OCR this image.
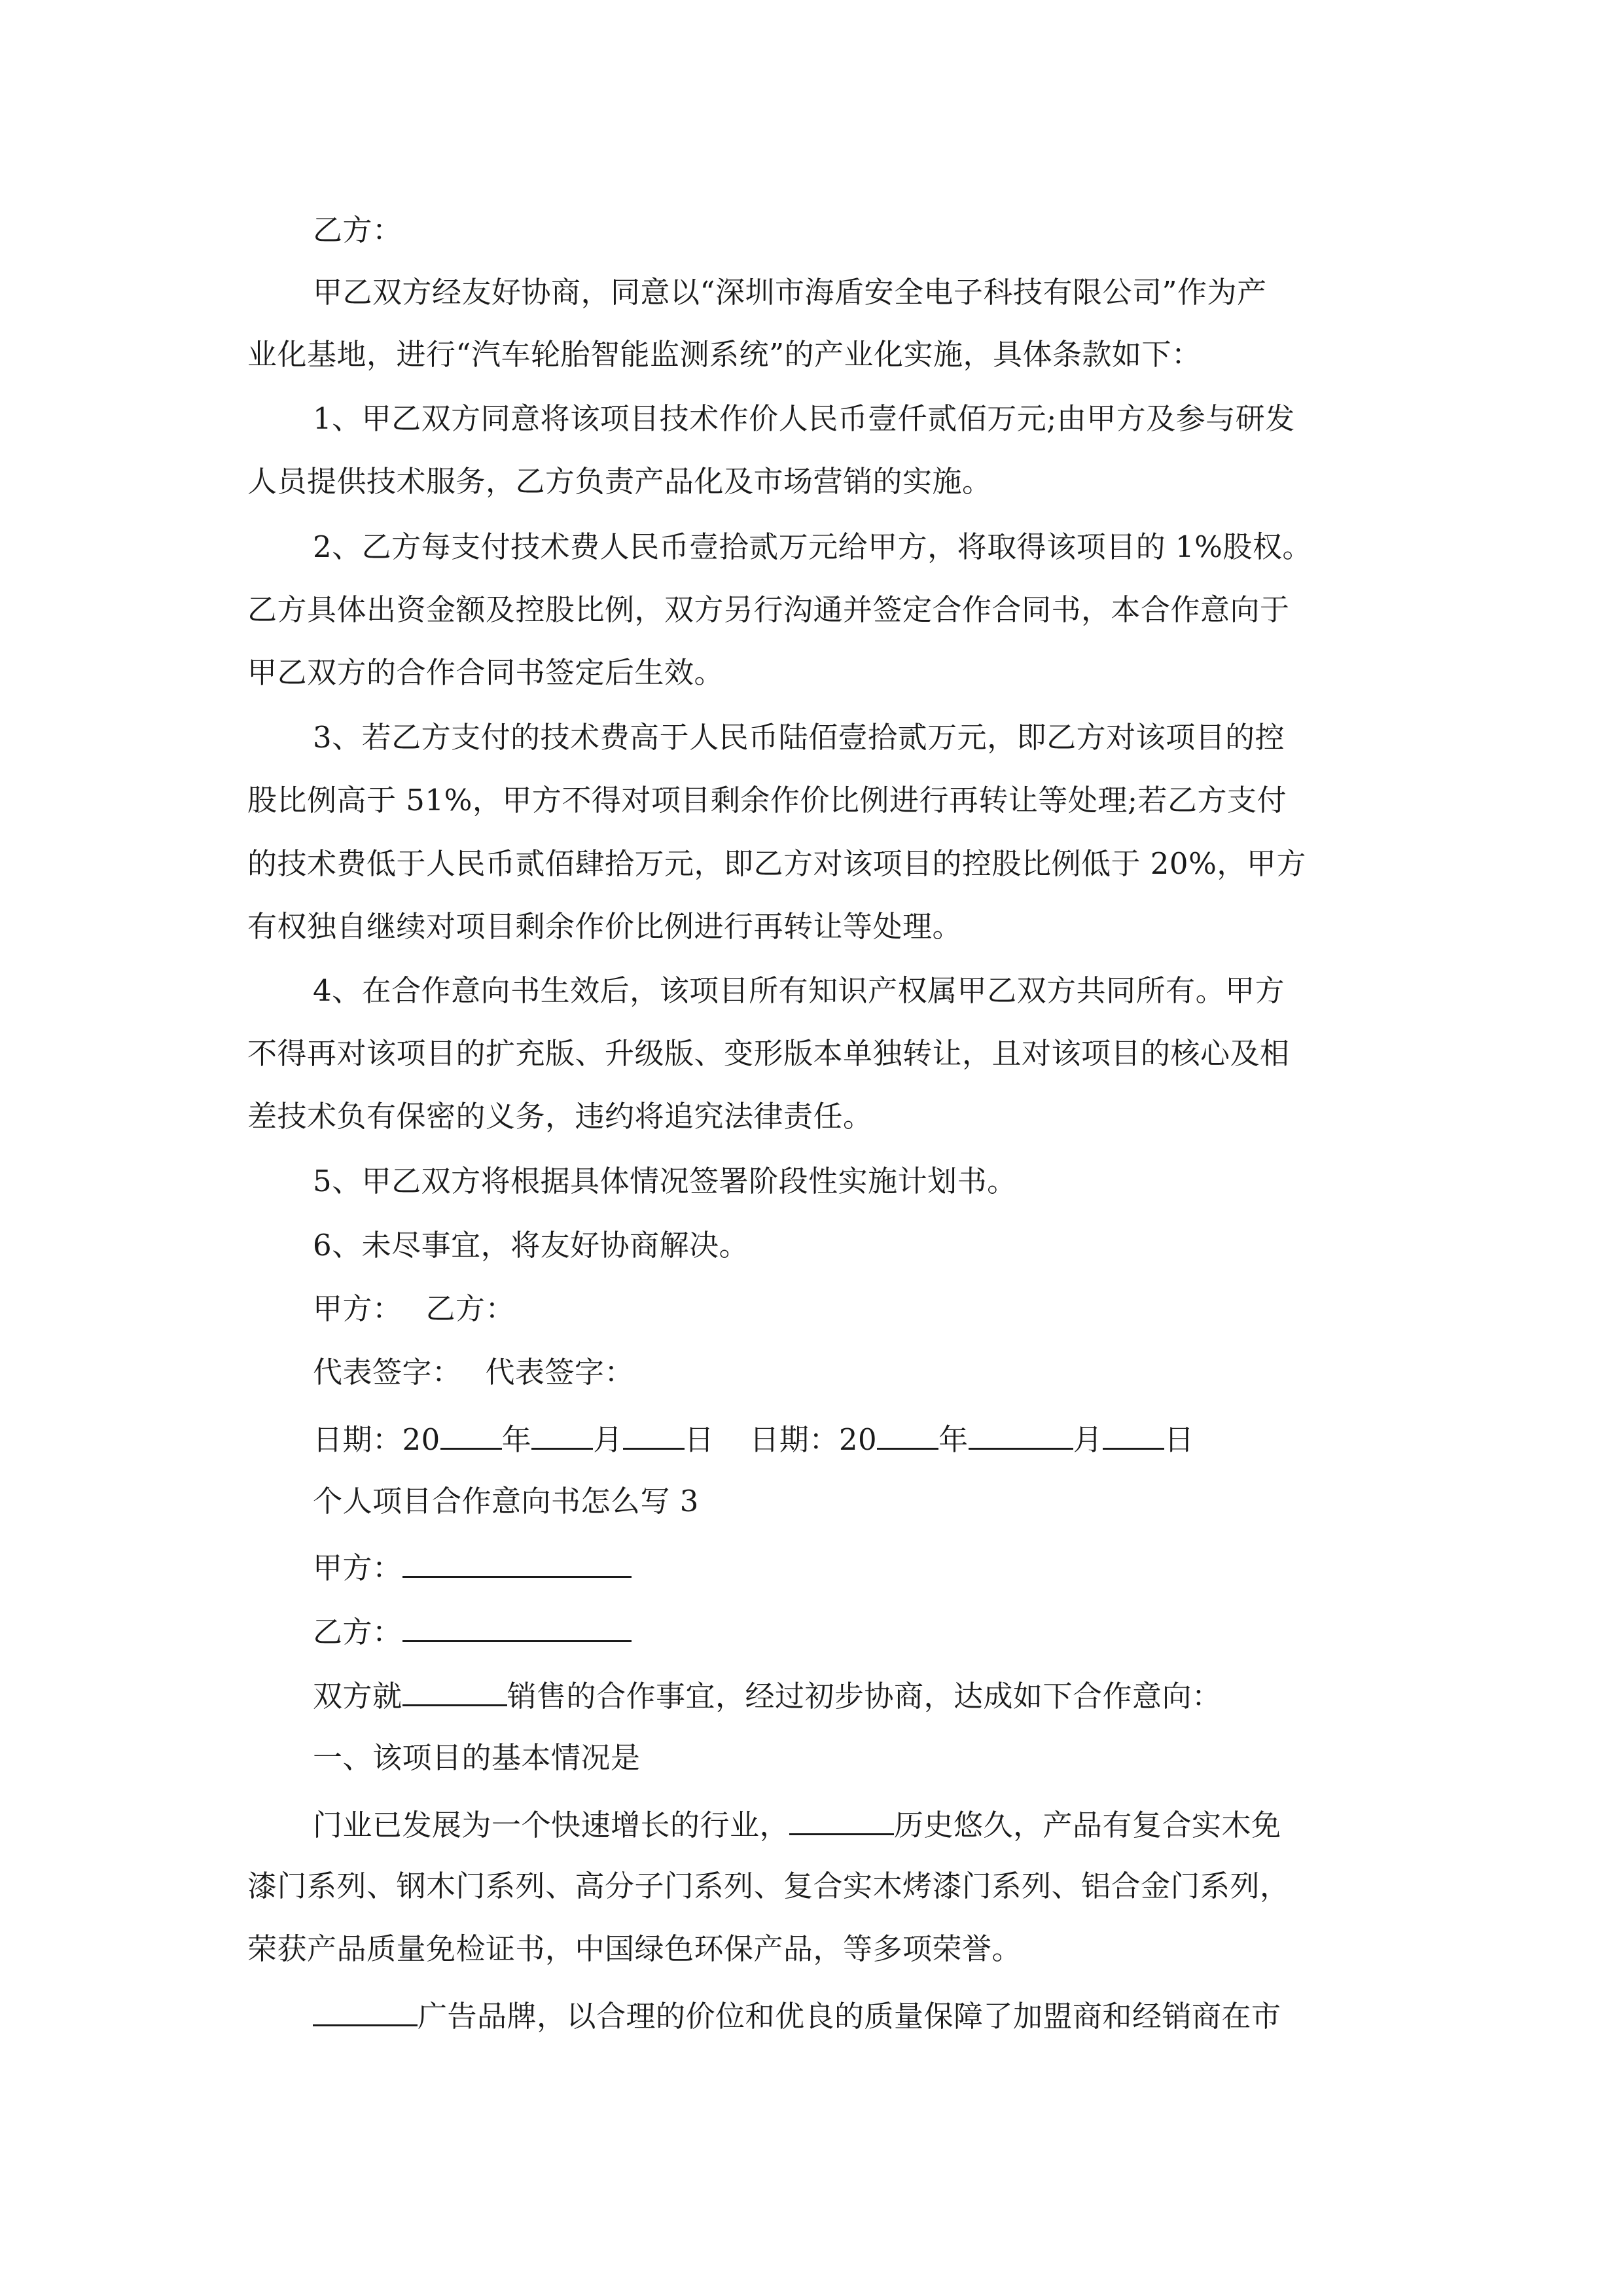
乙方：
甲乙双方经友好协商，同意以“深圳市海盾安全电子科技有限公司”作为产
业化基地，进行“汽车轮胎智能监测系统”的产业化实施，具体条款如下：
1、甲乙双方同意将该项目技术作价人民币壹仟贰佰万元;由甲方及参与研发
人员提供技术服务，乙方负责产品化及市场营销的实施。
2、乙方每支付技术费人民币壹拾贰万元给甲方，将取得该项目的 1%股权。
乙方具体出资金额及控股比例，双方另行沟通并签定合作合同书，本合作意向于
甲乙双方的合作合同书签定后生效。
3、若乙方支付的技术费高于人民币陆佰壹拾贰万元，即乙方对该项目的控
股比例高于 51%，甲方不得对项目剩余作价比例进行再转让等处理;若乙方支付
的技术费低于人民币贰佰肆拾万元，即乙方对该项目的控股比例低于 20%，甲方
有权独自继续对项目剩余作价比例进行再转让等处理。
4、在合作意向书生效后，该项目所有知识产权属甲乙双方共同所有。甲方
不得再对该项目的扩充版、升级版、变形版本单独转让，且对该项目的核心及相
差技术负有保密的义务，违约将追究法律责任。
5、甲乙双方将根据具体情况签署阶段性实施计划书。
6、未尽事宜，将友好协商解决。
甲方： 乙方：
代表签字： 代表签字：
日期：20 年 月 日 日期：20 年	月 日
个人项目合作意向书怎么写 3
甲方：
乙方：
双方就	销售的合作事宜，经过初步协商，达成如下合作意向：
一、该项目的基本情况是
门业已发展为一个快速增长的行业，	历史悠久，产品有复合实木免
漆门系列、钢木门系列、高分子门系列、复合实木烤漆门系列、铝合金门系列，
荣获产品质量免检证书，中国绿色环保产品，等多项荣誉。
广告品牌，以合理的价位和优良的质量保障了加盟商和经销商在市
